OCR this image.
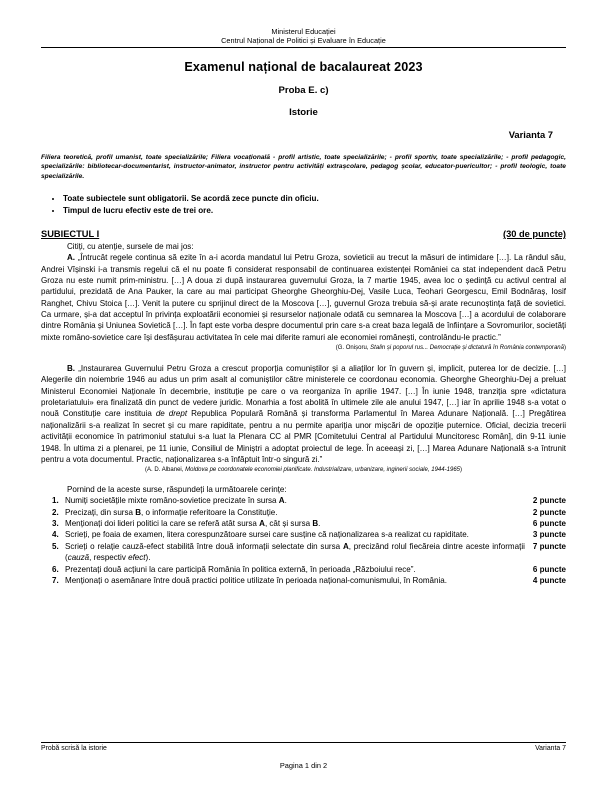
Ministerul Educației
Centrul Național de Politici și Evaluare în Educație
Examenul național de bacalaureat 2023
Proba E. c)
Istorie
Varianta 7
Filiera teoretică, profil umanist, toate specializările; Filiera vocațională - profil artistic, toate specializările; - profil sportiv, toate specializările; - profil pedagogic, specializările: bibliotecar-documentarist, instructor-animator, instructor pentru activități extrașcolare, pedagog școlar, educator-puericultor; - profil teologic, toate specializările.
• Toate subiectele sunt obligatorii. Se acordă zece puncte din oficiu.
• Timpul de lucru efectiv este de trei ore.
SUBIECTUL I	(30 de puncte)
Citiți, cu atenție, sursele de mai jos:
A. „Întrucât regele continua să ezite în a-i acorda mandatul lui Petru Groza, sovieticii au trecut la măsuri de intimidare […]. La rândul său, Andrei Vîșinski i-a transmis regelui că el nu poate fi considerat responsabil de continuarea existenței României ca stat independent dacă Petru Groza nu este numit prim-ministru. […] A doua zi după instaurarea guvernului Groza, la 7 martie 1945, avea loc o ședință cu activul central al partidului, prezidată de Ana Pauker, la care au mai participat Gheorghe Gheorghiu-Dej, Vasile Luca, Teohari Georgescu, Emil Bodnăraș, Iosif Ranghet, Chivu Stoica […]. Venit la putere cu sprijinul direct de la Moscova […], guvernul Groza trebuia să-și arate recunoștința față de sovietici. Ca urmare, și-a dat acceptul în privința exploatării economiei și resurselor naționale odată cu semnarea la Moscova […] a acordului de colaborare dintre România și Uniunea Sovietică […]. În fapt este vorba despre documentul prin care s-a creat baza legală de înființare a Sovromurilor, societăți mixte româno-sovietice care își desfășurau activitatea în cele mai diferite ramuri ale economiei românești, controlându-le practic.”
(G. Onișoru, Stalin și poporul rus... Democrație și dictatură în România contemporană)
B. „Instaurarea Guvernului Petru Groza a crescut proporția comuniștilor și a aliaților lor în guvern și, implicit, puterea lor de decizie. […] Alegerile din noiembrie 1946 au adus un prim asalt al comuniștilor către ministerele ce coordonau economia. Gheorghe Gheorghiu-Dej a preluat Ministerul Economiei Naționale în decembrie, instituție pe care o va reorganiza în aprilie 1947. […] În iunie 1948, tranziția spre «dictatura proletariatului» era finalizată din punct de vedere juridic. Monarhia a fost abolită în ultimele zile ale anului 1947, […] iar în aprilie 1948 s-a votat o nouă Constituție care instituia de drept Republica Populară Română și transforma Parlamentul în Marea Adunare Națională. […] Pregătirea naționalizării s-a realizat în secret și cu mare rapiditate, pentru a nu permite apariția unor mișcări de opoziție puternice. Oficial, decizia trecerii activității economice în patrimoniul statului s-a luat la Plenara CC al PMR [Comitetului Central al Partidului Muncitoresc Român], din 9-11 iunie 1948. În ultima zi a plenarei, pe 11 iunie, Consiliul de Miniștri a adoptat proiectul de lege. În aceeași zi, […] Marea Adunare Națională s-a întrunit pentru a vota documentul. Practic, naționalizarea s-a înfăptuit într-o singură zi.”
(A. D. Albanei, Moldova pe coordonatele economiei planificate. Industrializare, urbanizare, inginerii sociale, 1944-1965)
Pornind de la aceste surse, răspundeți la următoarele cerințe:
1. 2 puncte
Numiți societățile mixte româno-sovietice precizate în sursa A.
2. 2 puncte
Precizați, din sursa B, o informație referitoare la Constituție.
3. 6 puncte
Menționați doi lideri politici la care se referă atât sursa A, cât și sursa B.
4. 3 puncte
Scrieți, pe foaia de examen, litera corespunzătoare sursei care susține că naționalizarea s-a realizat cu rapiditate.
5. 7 puncte
Scrieți o relație cauză-efect stabilită între două informații selectate din sursa A, precizând rolul fiecăreia dintre aceste informații (cauză, respectiv efect).
6. 6 puncte
Prezentați două acțiuni la care participă România în politica externă, în perioada „Războiului rece”.
7. 4 puncte
Menționați o asemănare între două practici politice utilizate în perioada național-comunismului, în România.
Probă scrisă la istorie	Varianta 7
Pagina 1 din 2
